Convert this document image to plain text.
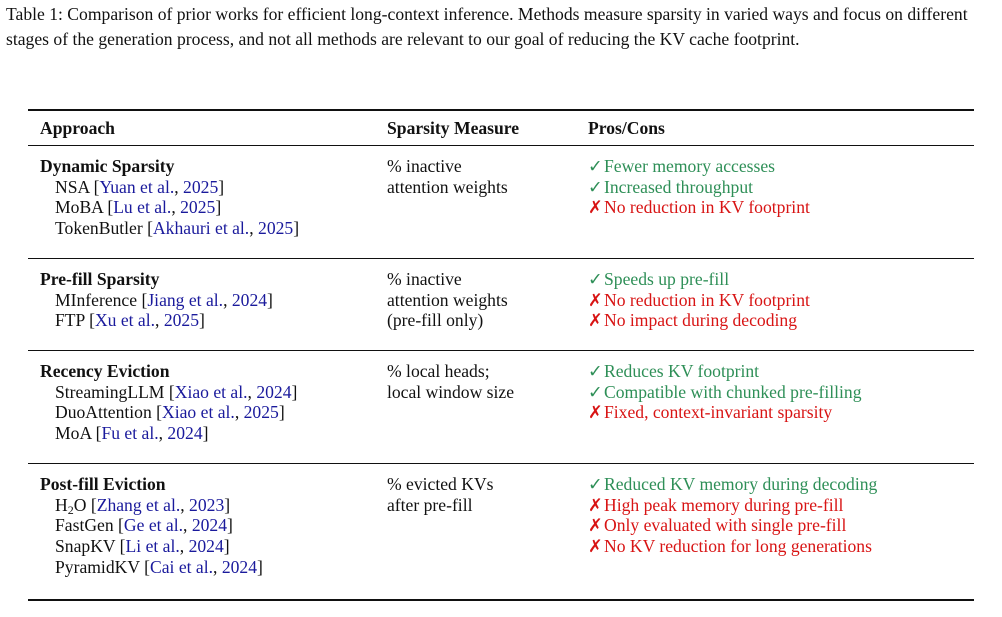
Table 1: Comparison of prior works for efficient long-context inference. Methods measure sparsity in varied ways and focus on different stages of the generation process, and not all methods are relevant to our goal of reducing the KV cache footprint.
Approach	Sparsity Measure	Pros/Cons
Dynamic Sparsity
NSA [Yuan et al., 2025]
MoBA [Lu et al., 2025]
TokenButler [Akhauri et al., 2025]
% inactive
attention weights
✓Fewer memory accesses
✓Increased throughput
✗No reduction in KV footprint
Pre-fill Sparsity
MInference [Jiang et al., 2024]
FTP [Xu et al., 2025]
% inactive
attention weights
(pre-fill only)
✓Speeds up pre-fill
✗No reduction in KV footprint
✗No impact during decoding
Recency Eviction
StreamingLLM [Xiao et al., 2024]
DuoAttention [Xiao et al., 2025]
MoA [Fu et al., 2024]
% local heads;
local window size
✓Reduces KV footprint
✓Compatible with chunked pre-filling
✗Fixed, context-invariant sparsity
Post-fill Eviction
$H_2O$ [Zhang et al., 2023]
FastGen [Ge et al., 2024]
SnapKV [Li et al., 2024]
PyramidKV [Cai et al., 2024]
% evicted KVs
after pre-fill
✓Reduced KV memory during decoding
✗High peak memory during pre-fill
✗Only evaluated with single pre-fill
✗No KV reduction for long generations
